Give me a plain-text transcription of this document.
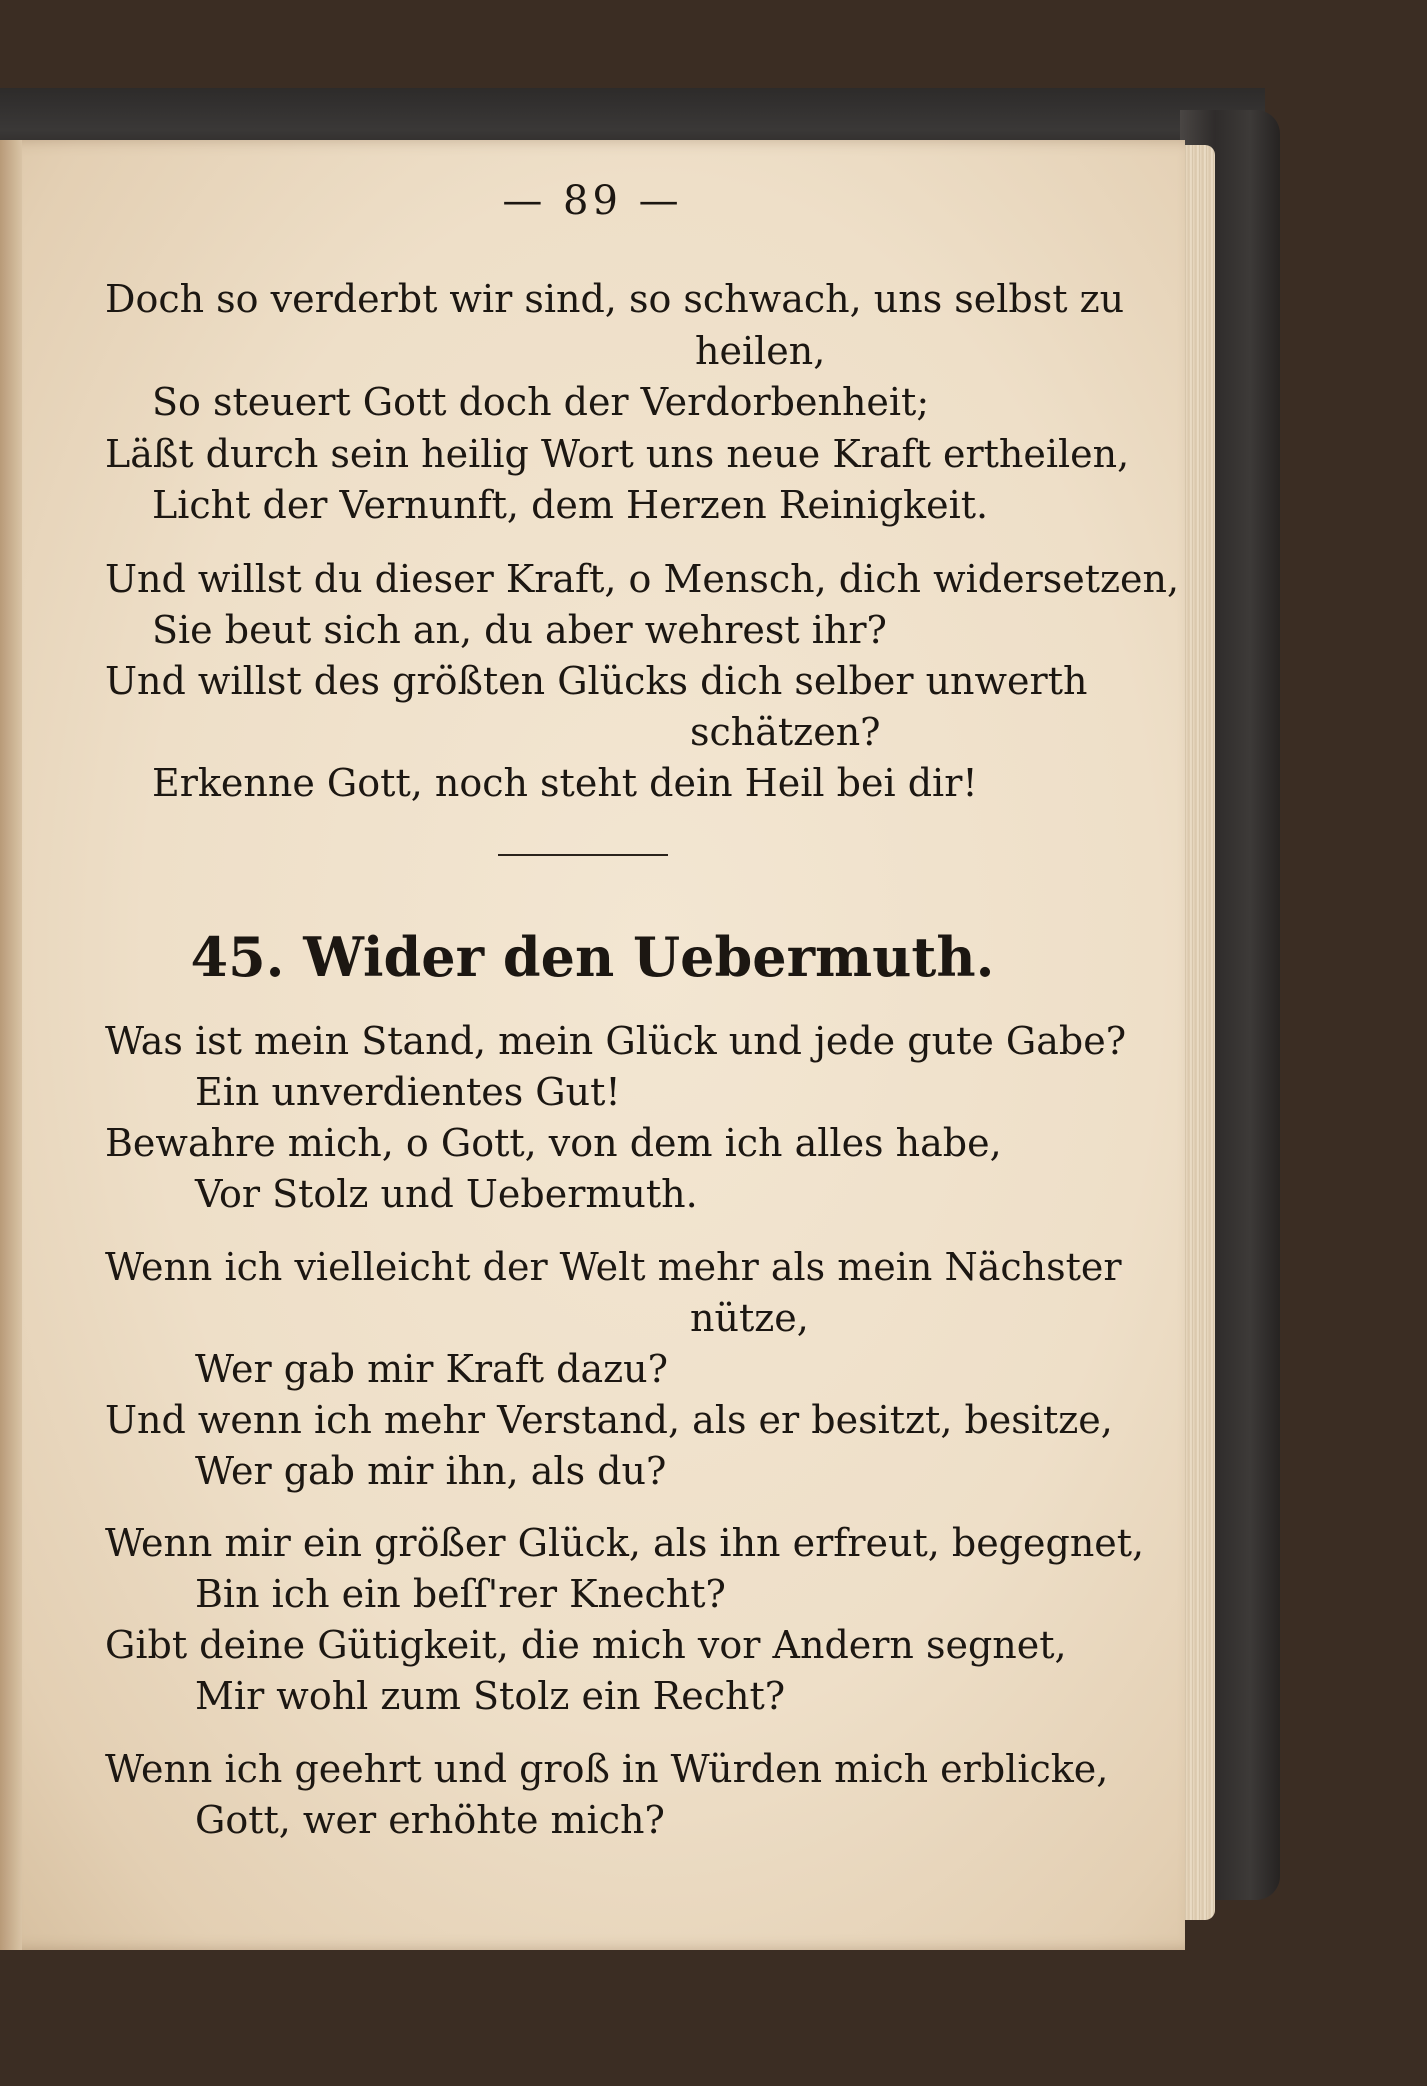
— 89 —
Doch so verderbt wir sind, so schwach, uns selbst zu
heilen,
So steuert Gott doch der Verdorbenheit;
Läßt durch sein heilig Wort uns neue Kraft ertheilen,
Licht der Vernunft, dem Herzen Reinigkeit.
Und willst du dieser Kraft, o Mensch, dich widersetzen,
Sie beut sich an, du aber wehrest ihr?
Und willst des größten Glücks dich selber unwerth
schätzen?
Erkenne Gott, noch steht dein Heil bei dir!
45. Wider den Uebermuth.
Was ist mein Stand, mein Glück und jede gute Gabe?
Ein unverdientes Gut!
Bewahre mich, o Gott, von dem ich alles habe,
Vor Stolz und Uebermuth.
Wenn ich vielleicht der Welt mehr als mein Nächster
nütze,
Wer gab mir Kraft dazu?
Und wenn ich mehr Verstand, als er besitzt, besitze,
Wer gab mir ihn, als du?
Wenn mir ein größer Glück, als ihn erfreut, begegnet,
Bin ich ein beſſ'rer Knecht?
Gibt deine Gütigkeit, die mich vor Andern segnet,
Mir wohl zum Stolz ein Recht?
Wenn ich geehrt und groß in Würden mich erblicke,
Gott, wer erhöhte mich?
